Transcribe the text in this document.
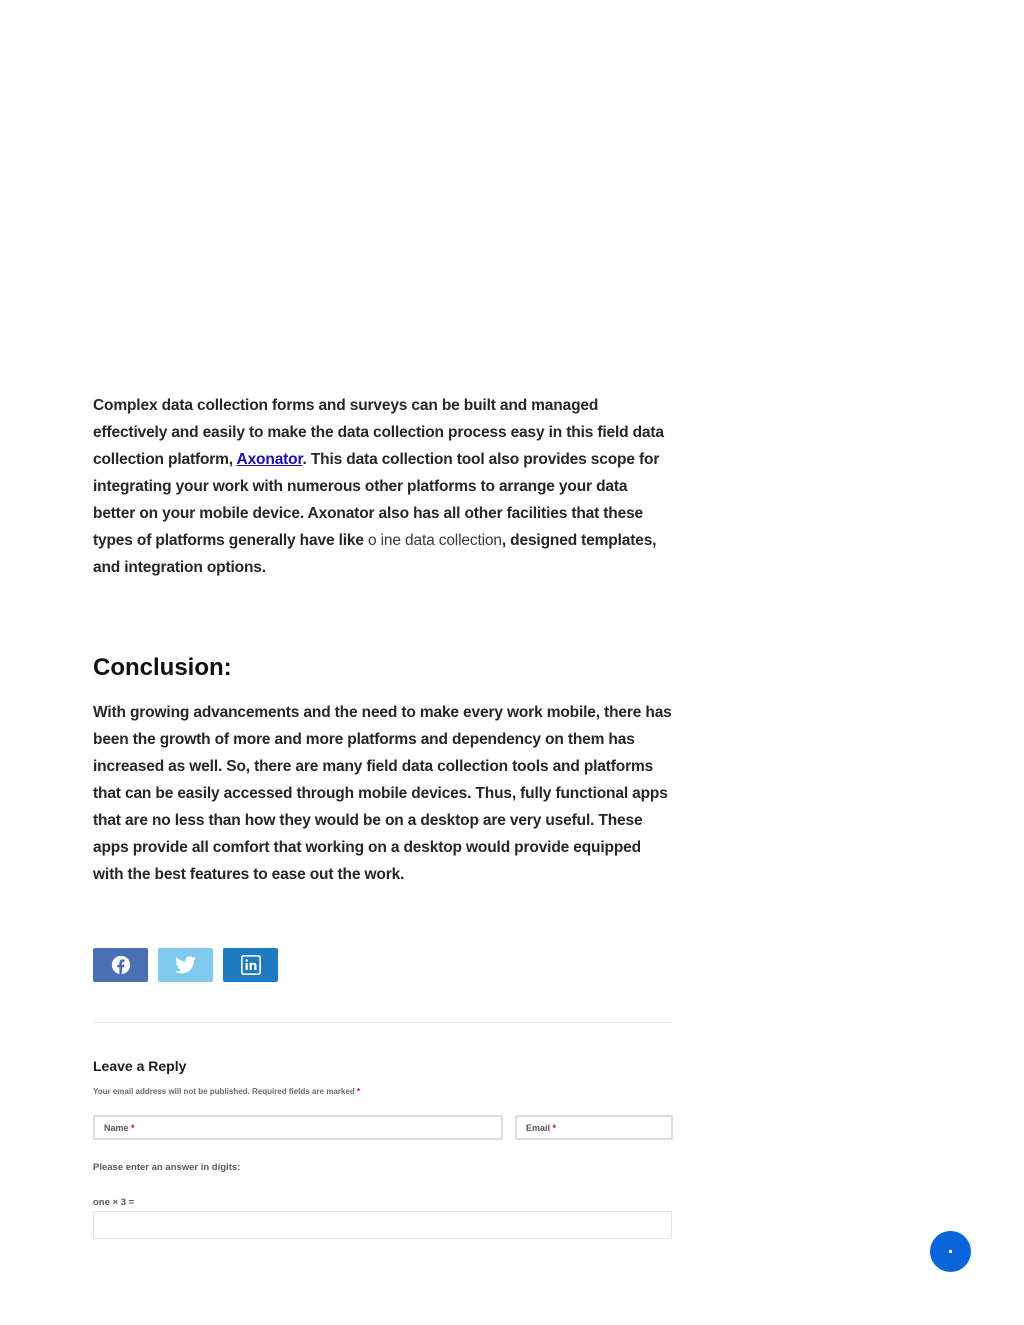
Complex data collection forms and surveys can be built and managed effectively and easily to make the data collection process easy in this field data collection platform, Axonator. This data collection tool also provides scope for integrating your work with numerous other platforms to arrange your data better on your mobile device. Axonator also has all other facilities that these types of platforms generally have like o ine data collection, designed templates, and integration options.

Conclusion:

With growing advancements and the need to make every work mobile, there has been the growth of more and more platforms and dependency on them has increased as well. So, there are many field data collection tools and platforms that can be easily accessed through mobile devices. Thus, fully functional apps that are no less than how they would be on a desktop are very useful. These apps provide all comfort that working on a desktop would provide equipped with the best features to ease out the work.

Leave a Reply
Your email address will not be published. Required fields are marked *
Name
*	Email
*
Please enter an answer in digits:
one × 3 =
